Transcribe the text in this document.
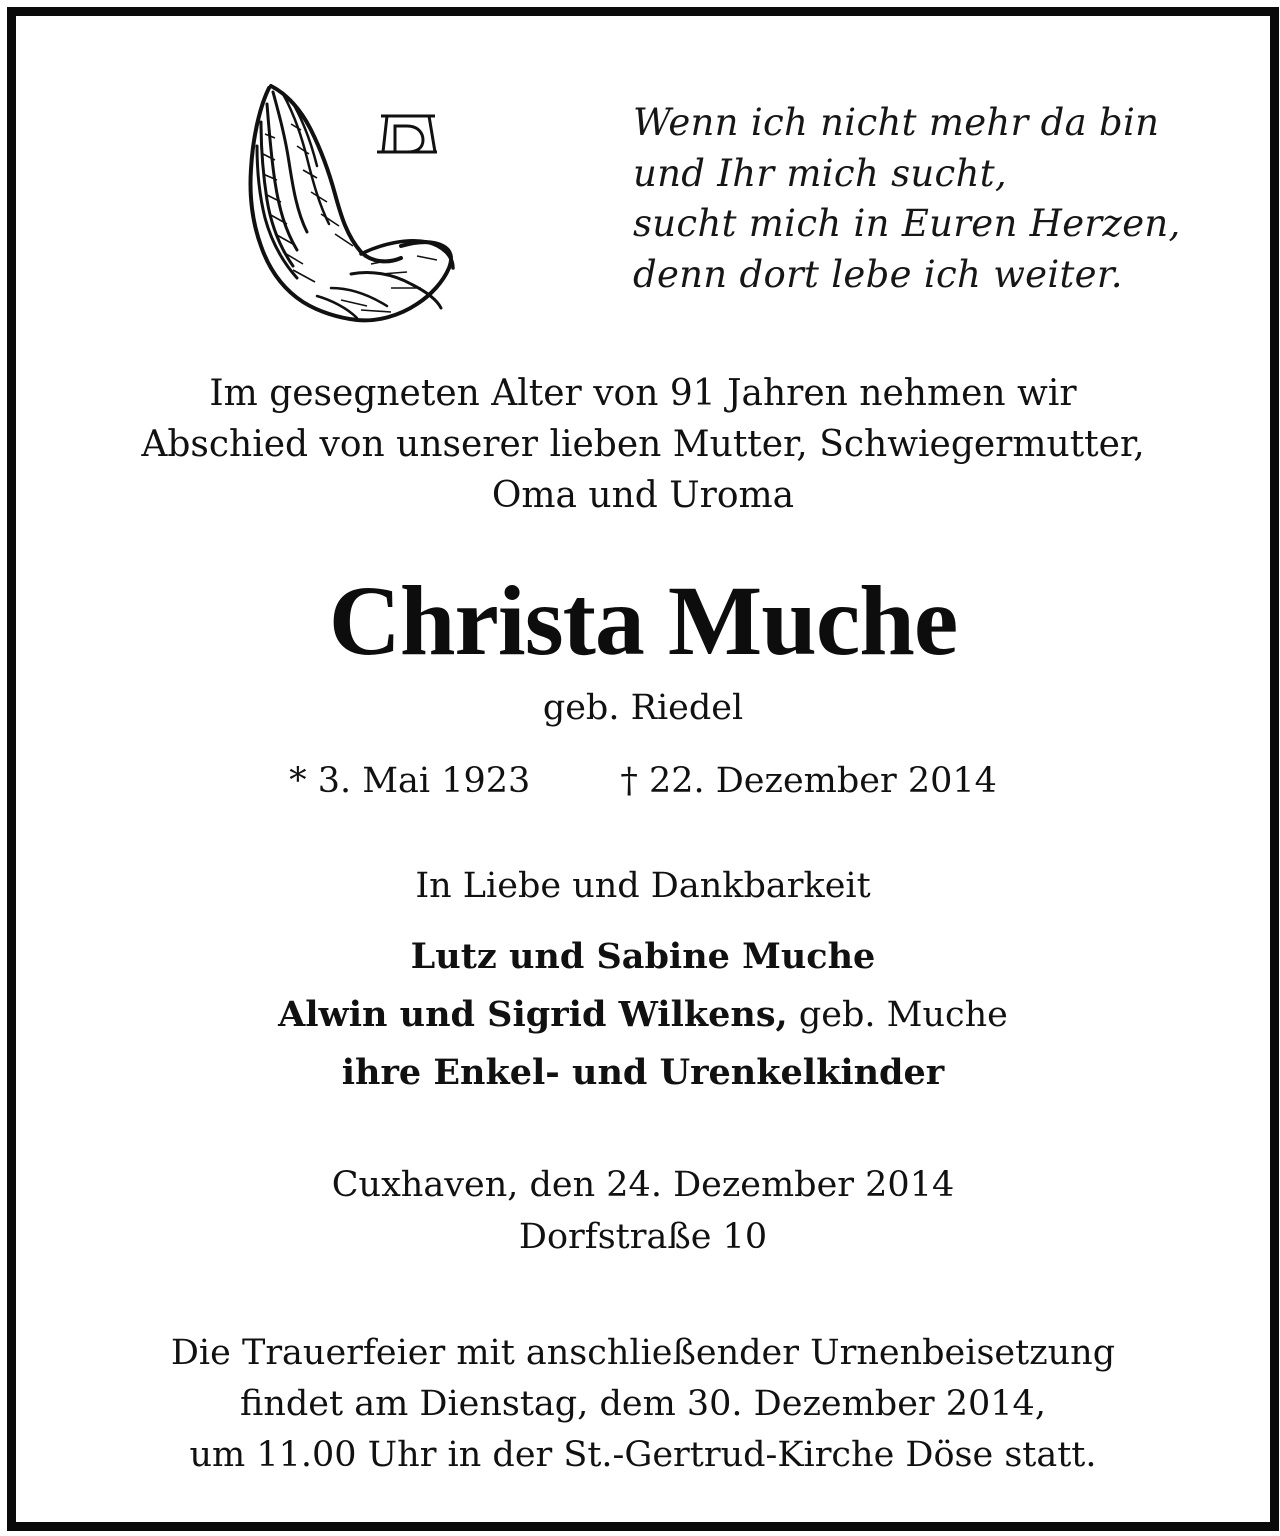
Wenn ich nicht mehr da bin
und Ihr mich sucht,
sucht mich in Euren Herzen,
denn dort lebe ich weiter.
Im gesegneten Alter von 91 Jahren nehmen wir
Abschied von unserer lieben Mutter, Schwiegermutter,
Oma und Uroma
Christa Muche
geb. Riedel
* 3. Mai 1923	† 22. Dezember 2014
In Liebe und Dankbarkeit
Lutz und Sabine Muche
Alwin und Sigrid Wilkens, geb. Muche
ihre Enkel- und Urenkelkinder
Cuxhaven, den 24. Dezember 2014
Dorfstraße 10
Die Trauerfeier mit anschließender Urnenbeisetzung
findet am Dienstag, dem 30. Dezember 2014,
um 11.00 Uhr in der St.-Gertrud-Kirche Döse statt.
